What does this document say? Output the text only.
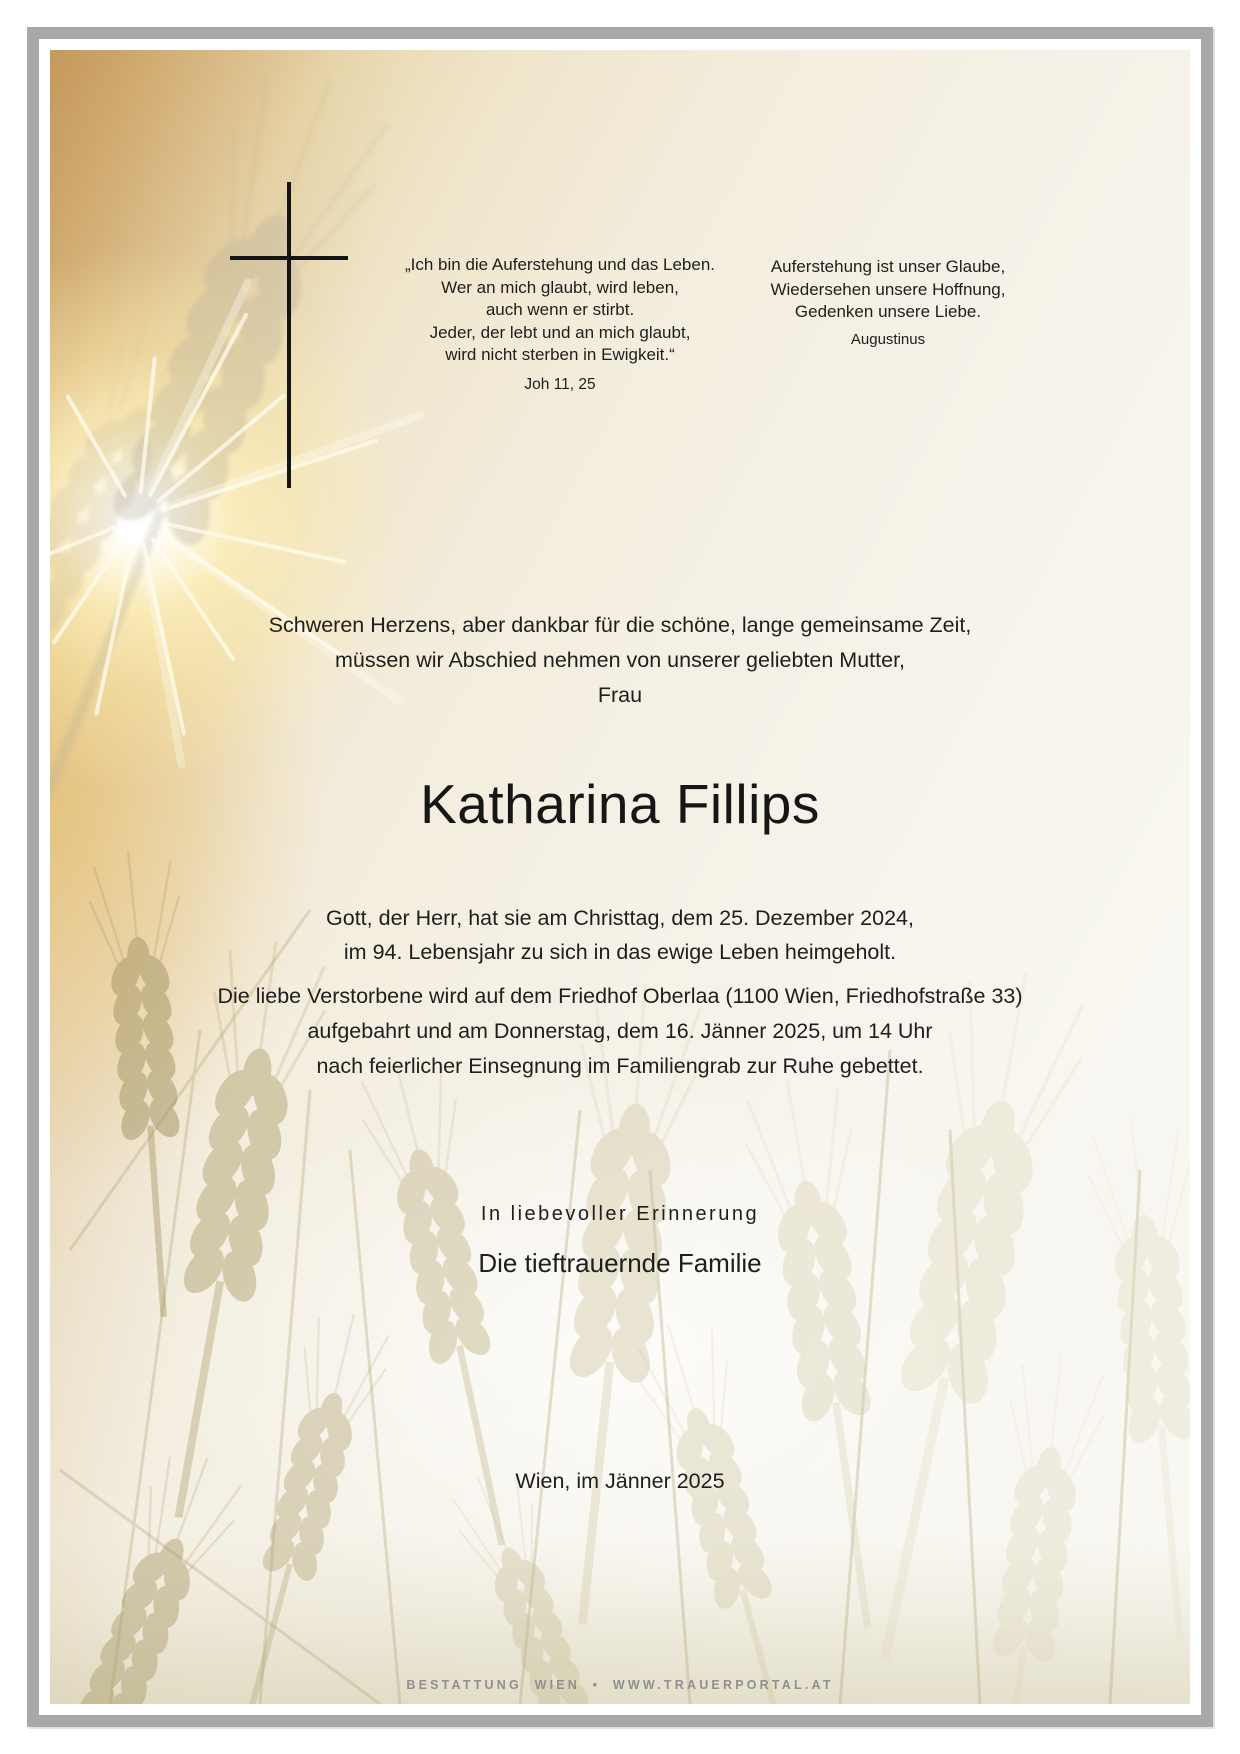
„Ich bin die Auferstehung und das Leben.
Wer an mich glaubt, wird leben,
auch wenn er stirbt.
Jeder, der lebt und an mich glaubt,
wird nicht sterben in Ewigkeit.“
Joh 11, 25
Auferstehung ist unser Glaube,
Wiedersehen unsere Hoffnung,
Gedenken unsere Liebe.
Augustinus
Schweren Herzens, aber dankbar für die schöne, lange gemeinsame Zeit,
müssen wir Abschied nehmen von unserer geliebten Mutter,
Frau
Katharina Fillips
Gott, der Herr, hat sie am Christtag, dem 25. Dezember 2024,
im 94. Lebensjahr zu sich in das ewige Leben heimgeholt.
Die liebe Verstorbene wird auf dem Friedhof Oberlaa (1100 Wien, Friedhofstraße 33)
aufgebahrt und am Donnerstag, dem 16. Jänner 2025, um 14 Uhr
nach feierlicher Einsegnung im Familiengrab zur Ruhe gebettet.
In liebevoller Erinnerung
Die tieftrauernde Familie
Wien, im Jänner 2025
BESTATTUNG WIEN • WWW.TRAUERPORTAL.AT
